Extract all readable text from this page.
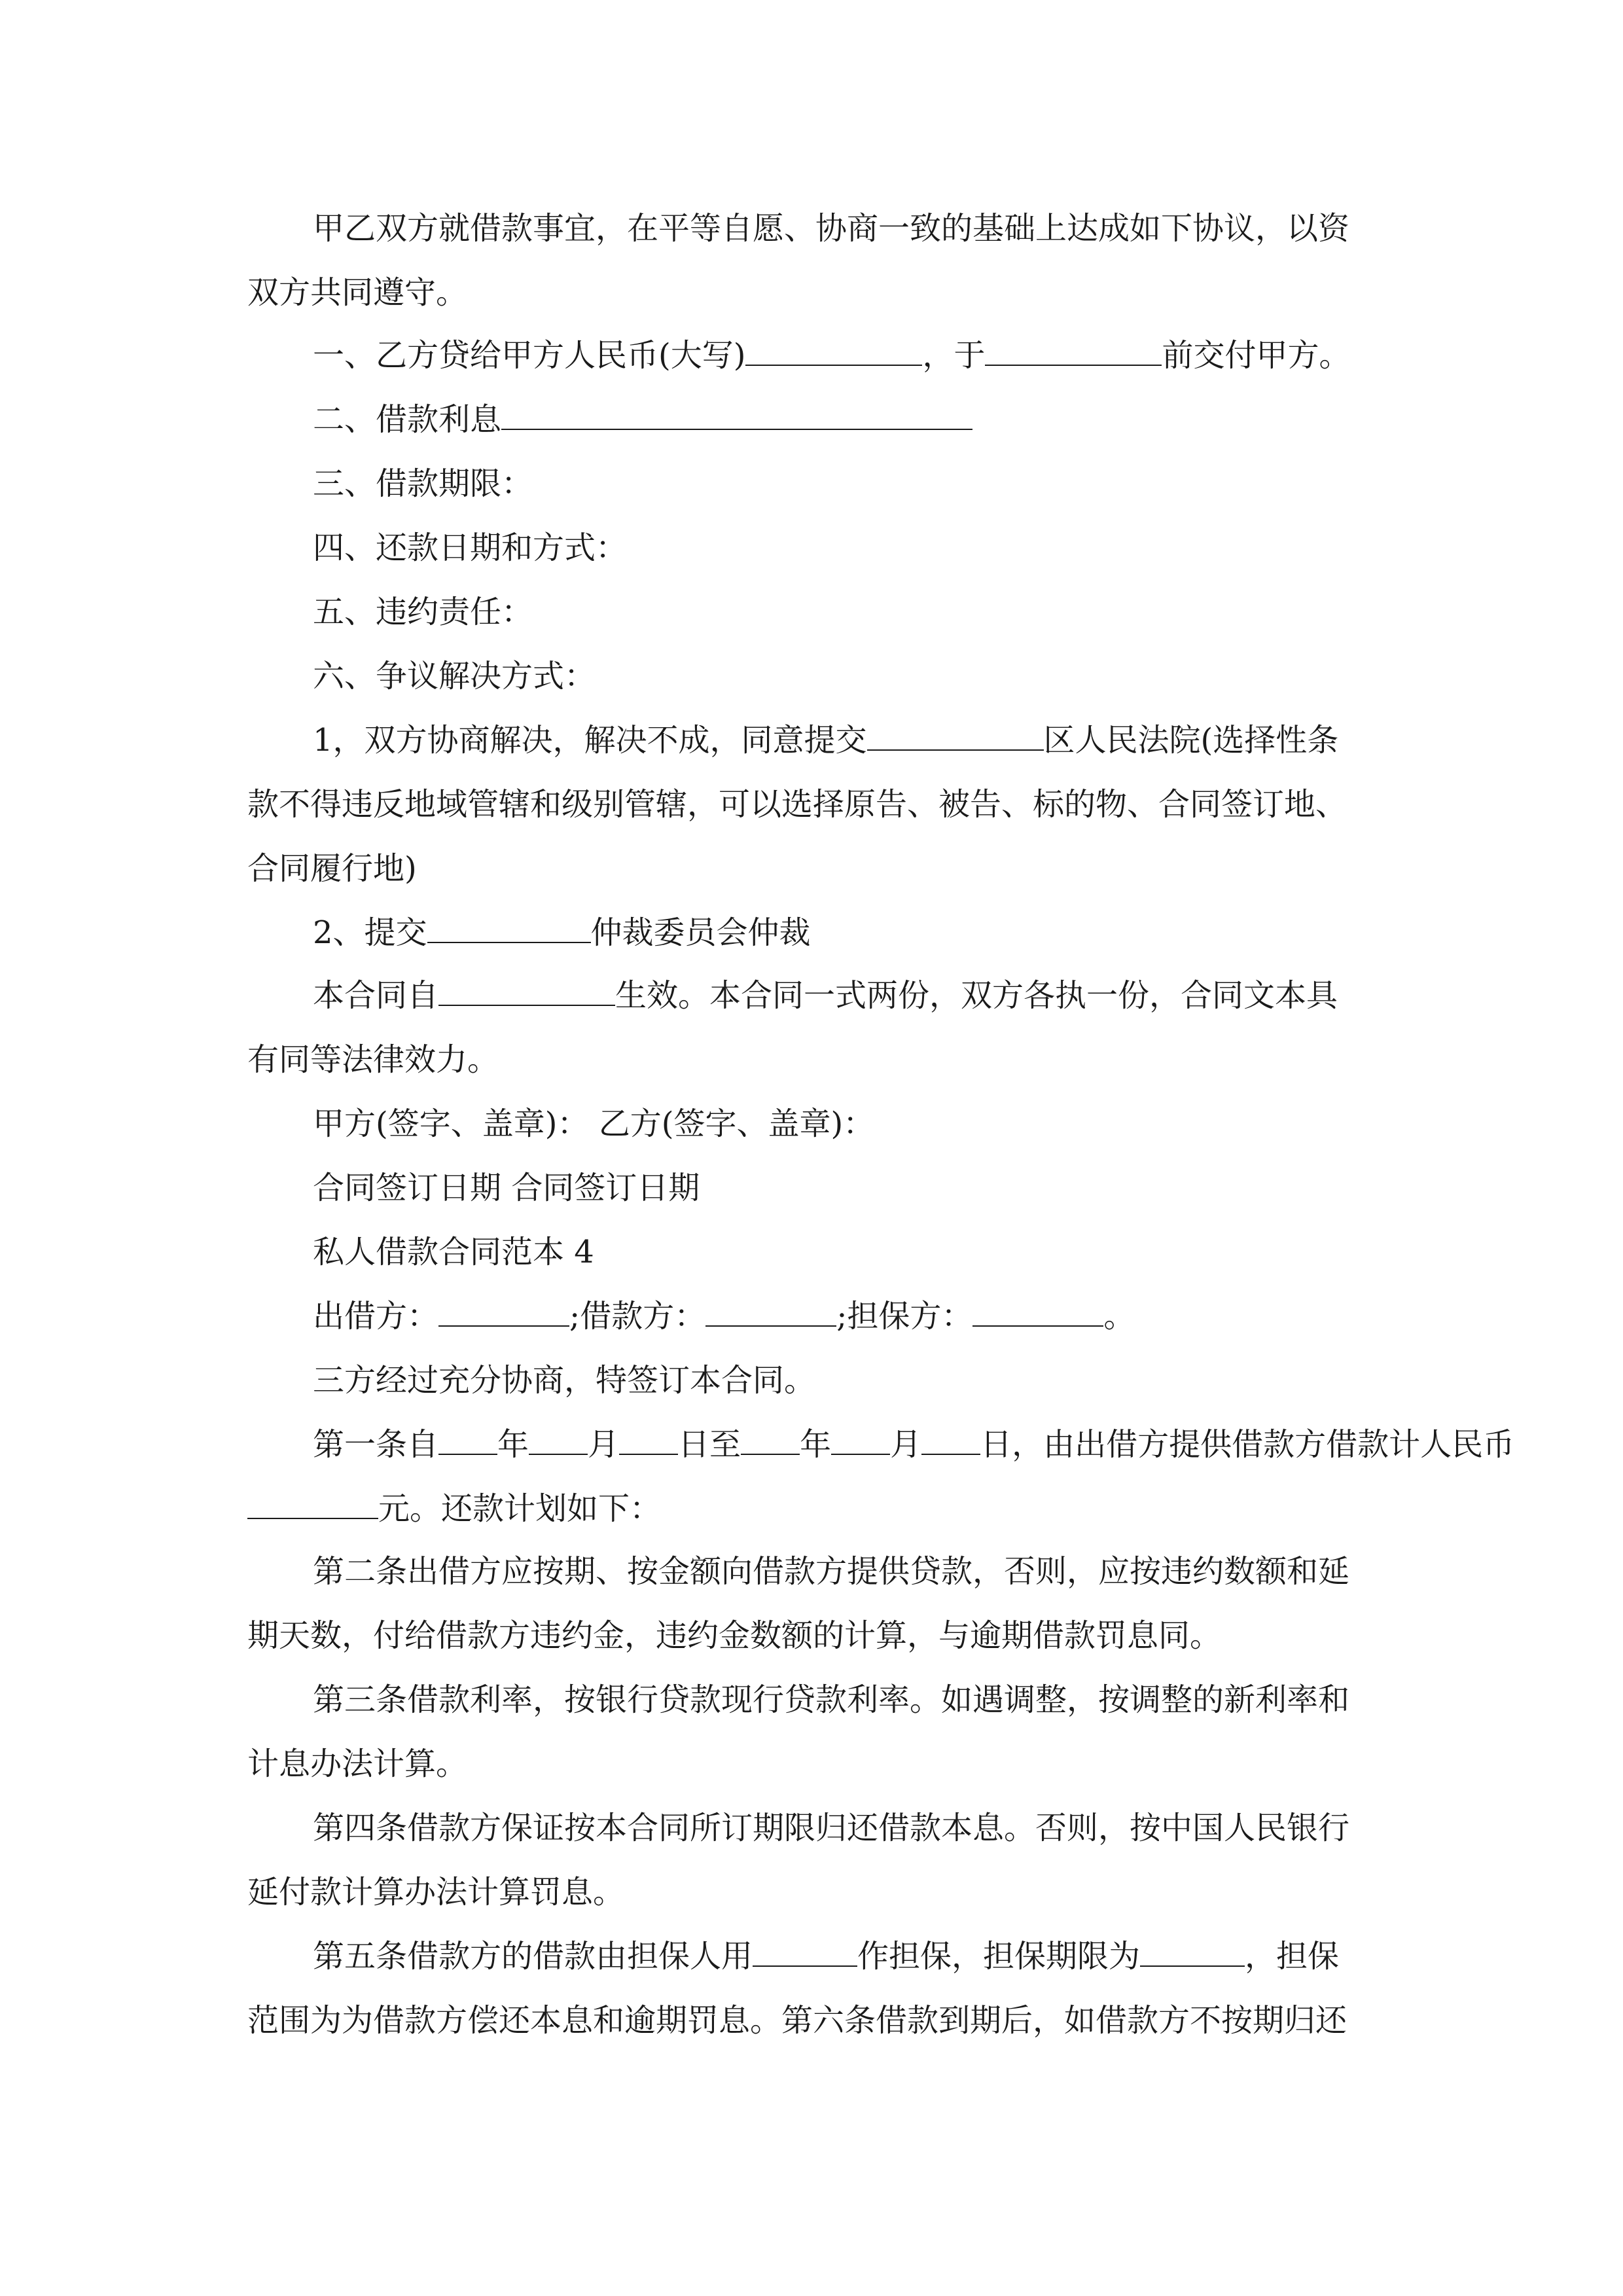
甲乙双方就借款事宜，在平等自愿、协商一致的基础上达成如下协议，以资
双方共同遵守。
一、乙方贷给甲方人民币(大写)	，于	前交付甲方。
二、借款利息
三、借款期限：
四、还款日期和方式：
五、违约责任：
六、争议解决方式：
1，双方协商解决，解决不成，同意提交	区人民法院(选择性条
款不得违反地域管辖和级别管辖，可以选择原告、被告、标的物、合同签订地、
合同履行地)
2、提交	仲裁委员会仲裁
本合同自	生效。本合同一式两份，双方各执一份，合同文本具
有同等法律效力。
甲方(签字、盖章)： 乙方(签字、盖章)：
合同签订日期 合同签订日期
私人借款合同范本 4
出借方：	;借款方：	;担保方：	。
三方经过充分协商，特签订本合同。
第一条自 年 月 日至 年 月 日，由出借方提供借款方借款计人民币
元。还款计划如下：
第二条出借方应按期、按金额向借款方提供贷款，否则，应按违约数额和延
期天数，付给借款方违约金，违约金数额的计算，与逾期借款罚息同。
第三条借款利率，按银行贷款现行贷款利率。如遇调整，按调整的新利率和
计息办法计算。
第四条借款方保证按本合同所订期限归还借款本息。否则，按中国人民银行
延付款计算办法计算罚息。
第五条借款方的借款由担保人用	作担保，担保期限为	，担保
范围为为借款方偿还本息和逾期罚息。第六条借款到期后，如借款方不按期归还
